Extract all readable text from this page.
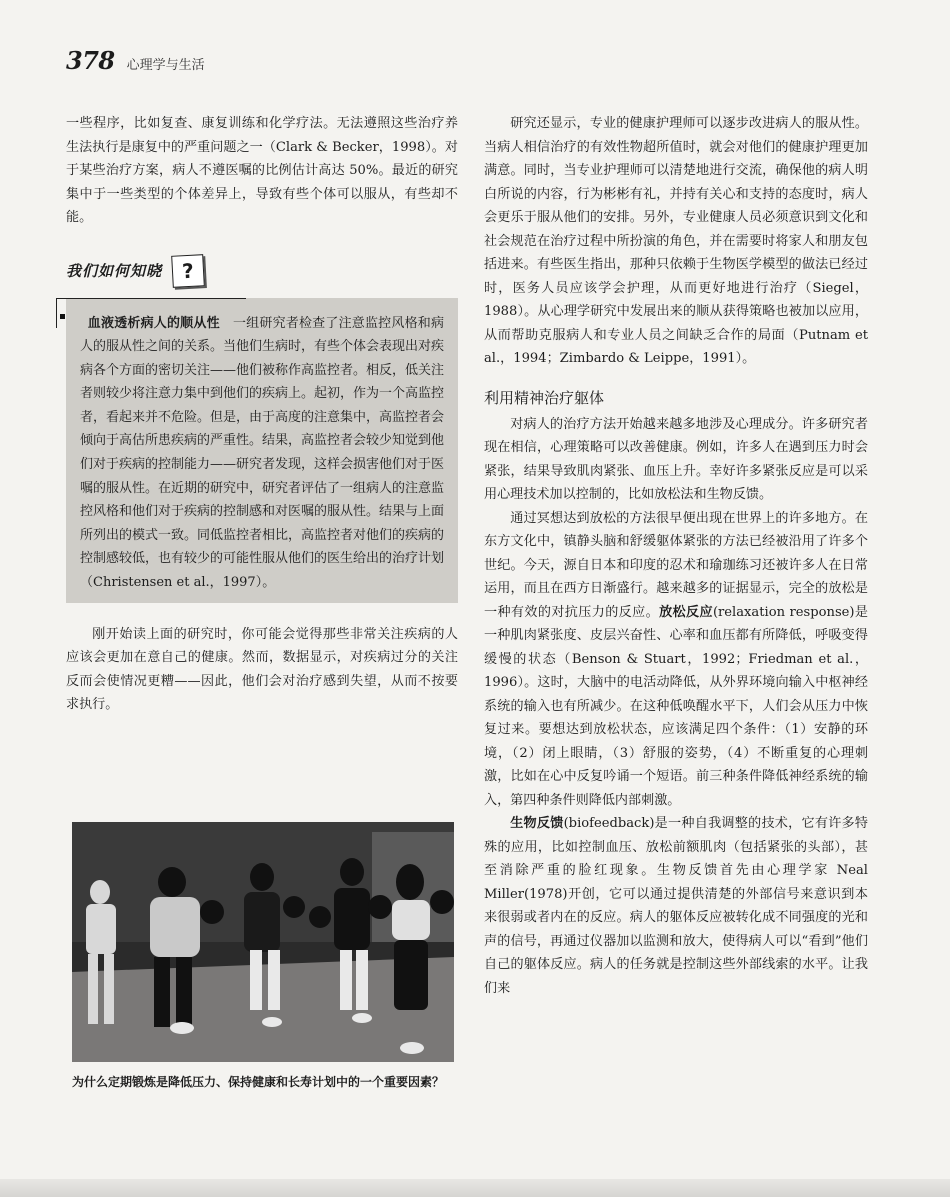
378 心理学与生活

一些程序，比如复查、康复训练和化学疗法。无法遵照这些治疗养生法执行是康复中的严重问题之一（Clark & Becker，1998）。对于某些治疗方案，病人不遵医嘱的比例估计高达 50%。最近的研究集中于一些类型的个体差异上，导致有些个体可以服从，有些却不能。

我们如何知晓 ?

血液透析病人的顺从性　 一组研究者检查了注意监控风格和病人的服从性之间的关系。当他们生病时，有些个体会表现出对疾病各个方面的密切关注——他们被称作高监控者。相反，低关注者则较少将注意力集中到他们的疾病上。起初，作为一个高监控者，看起来并不危险。但是，由于高度的注意集中，高监控者会倾向于高估所患疾病的严重性。结果，高监控者会较少知觉到他们对于疾病的控制能力——研究者发现，这样会损害他们对于医嘱的服从性。在近期的研究中，研究者评估了一组病人的注意监控风格和他们对于疾病的控制感和对医嘱的服从性。结果与上面所列出的模式一致。同低监控者相比，高监控者对他们的疾病的控制感较低，也有较少的可能性服从他们的医生给出的治疗计划（Christensen et al.，1997）。

刚开始读上面的研究时，你可能会觉得那些非常关注疾病的人应该会更加在意自己的健康。然而，数据显示，对疾病过分的关注反而会使情况更糟——因此，他们会对治疗感到失望，从而不按要求执行。

为什么定期锻炼是降低压力、保持健康和长寿计划中的一个重要因素？

研究还显示，专业的健康护理师可以逐步改进病人的服从性。当病人相信治疗的有效性物超所值时，就会对他们的健康护理更加满意。同时，当专业护理师可以清楚地进行交流，确保他的病人明白所说的内容，行为彬彬有礼，并持有关心和支持的态度时，病人会更乐于服从他们的安排。另外，专业健康人员必须意识到文化和社会规范在治疗过程中所扮演的角色，并在需要时将家人和朋友包括进来。有些医生指出，那种只依赖于生物医学模型的做法已经过时，医务人员应该学会护理，从而更好地进行治疗（Siegel，1988）。从心理学研究中发展出来的顺从获得策略也被加以应用，从而帮助克服病人和专业人员之间缺乏合作的局面（Putnam et al.，1994；Zimbardo & Leippe，1991）。

利用精神治疗躯体

对病人的治疗方法开始越来越多地涉及心理成分。许多研究者现在相信，心理策略可以改善健康。例如，许多人在遇到压力时会紧张，结果导致肌肉紧张、血压上升。幸好许多紧张反应是可以采用心理技术加以控制的，比如放松法和生物反馈。

通过冥想达到放松的方法很早便出现在世界上的许多地方。在东方文化中，镇静头脑和舒缓躯体紧张的方法已经被沿用了许多个世纪。今天，源自日本和印度的忍术和瑜珈练习还被许多人在日常运用，而且在西方日渐盛行。越来越多的证据显示，完全的放松是一种有效的对抗压力的反应。放松反应(relaxation response)是一种肌肉紧张度、皮层兴奋性、心率和血压都有所降低，呼吸变得缓慢的状态（Benson & Stuart，1992；Friedman et al.，1996）。这时，大脑中的电活动降低，从外界环境向输入中枢神经系统的输入也有所减少。在这种低唤醒水平下，人们会从压力中恢复过来。要想达到放松状态，应该满足四个条件：（1）安静的环境，（2）闭上眼睛，（3）舒服的姿势，（4）不断重复的心理刺激，比如在心中反复吟诵一个短语。前三种条件降低神经系统的输入，第四种条件则降低内部刺激。

生物反馈(biofeedback)是一种自我调整的技术，它有许多特殊的应用，比如控制血压、放松前额肌肉（包括紧张的头部），甚至消除严重的脸红现象。生物反馈首先由心理学家 Neal Miller(1978)开创，它可以通过提供清楚的外部信号来意识到本来很弱或者内在的反应。病人的躯体反应被转化成不同强度的光和声的信号，再通过仪器加以监测和放大，使得病人可以“看到”他们自己的躯体反应。病人的任务就是控制这些外部线索的水平。让我们来
